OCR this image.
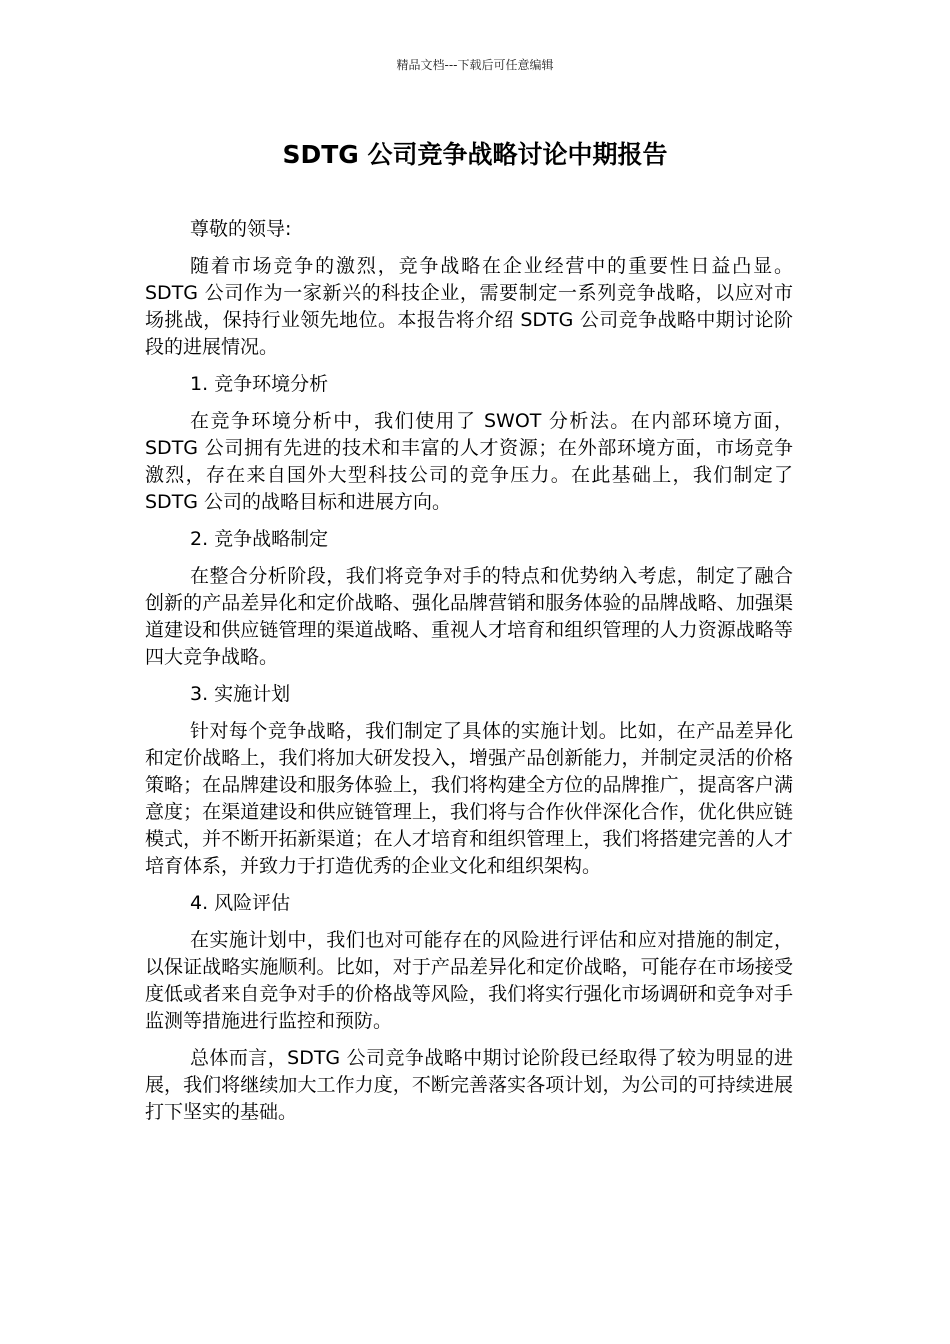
精品文档---下载后可任意编辑
SDTG 公司竞争战略讨论中期报告

尊敬的领导:

随着市场竞争的激烈，竞争战略在企业经营中的重要性日益凸显。SDTG 公司作为一家新兴的科技企业，需要制定一系列竞争战略，以应对市场挑战，保持行业领先地位。本报告将介绍 SDTG 公司竞争战略中期讨论阶段的进展情况。

1. 竞争环境分析

在竞争环境分析中，我们使用了 SWOT 分析法。在内部环境方面，SDTG 公司拥有先进的技术和丰富的人才资源；在外部环境方面，市场竞争激烈，存在来自国外大型科技公司的竞争压力。在此基础上，我们制定了 SDTG 公司的战略目标和进展方向。

2. 竞争战略制定

在整合分析阶段，我们将竞争对手的特点和优势纳入考虑，制定了融合创新的产品差异化和定价战略、强化品牌营销和服务体验的品牌战略、加强渠道建设和供应链管理的渠道战略、重视人才培育和组织管理的人力资源战略等四大竞争战略。

3. 实施计划

针对每个竞争战略，我们制定了具体的实施计划。比如，在产品差异化和定价战略上，我们将加大研发投入，增强产品创新能力，并制定灵活的价格策略；在品牌建设和服务体验上，我们将构建全方位的品牌推广，提高客户满意度；在渠道建设和供应链管理上，我们将与合作伙伴深化合作，优化供应链模式，并不断开拓新渠道；在人才培育和组织管理上，我们将搭建完善的人才培育体系，并致力于打造优秀的企业文化和组织架构。

4. 风险评估

在实施计划中，我们也对可能存在的风险进行评估和应对措施的制定，以保证战略实施顺利。比如，对于产品差异化和定价战略，可能存在市场接受度低或者来自竞争对手的价格战等风险，我们将实行强化市场调研和竞争对手监测等措施进行监控和预防。

总体而言，SDTG 公司竞争战略中期讨论阶段已经取得了较为明显的进展，我们将继续加大工作力度，不断完善落实各项计划，为公司的可持续进展打下坚实的基础。
